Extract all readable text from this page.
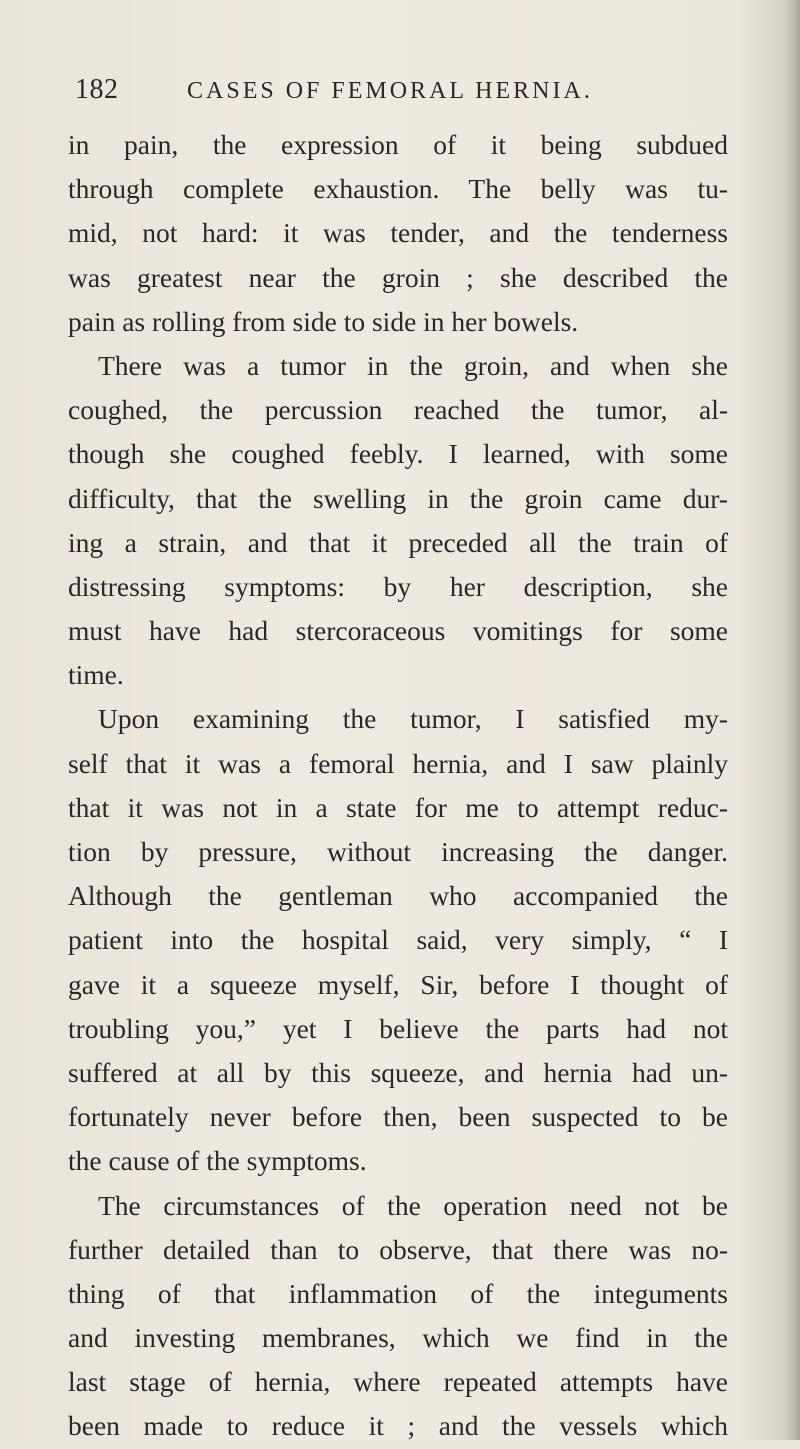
182	CASES OF FEMORAL HERNIA.
in pain, the expression of it being subdued
through complete exhaustion. The belly was tu-
mid, not hard: it was tender, and the tenderness
was greatest near the groin ; she described the
pain as rolling from side to side in her bowels.
There was a tumor in the groin, and when she
coughed, the percussion reached the tumor, al-
though she coughed feebly. I learned, with some
difficulty, that the swelling in the groin came dur-
ing a strain, and that it preceded all the train of
distressing symptoms: by her description, she
must have had stercoraceous vomitings for some
time.
Upon examining the tumor, I satisfied my-
self that it was a femoral hernia, and I saw plainly
that it was not in a state for me to attempt reduc-
tion by pressure, without increasing the danger.
Although the gentleman who accompanied the
patient into the hospital said, very simply, “ I
gave it a squeeze myself, Sir, before I thought of
troubling you,” yet I believe the parts had not
suffered at all by this squeeze, and hernia had un-
fortunately never before then, been suspected to be
the cause of the symptoms.
The circumstances of the operation need not be
further detailed than to observe, that there was no-
thing of that inflammation of the integuments
and investing membranes, which we find in the
last stage of hernia, where repeated attempts have
been made to reduce it ; and the vessels which
